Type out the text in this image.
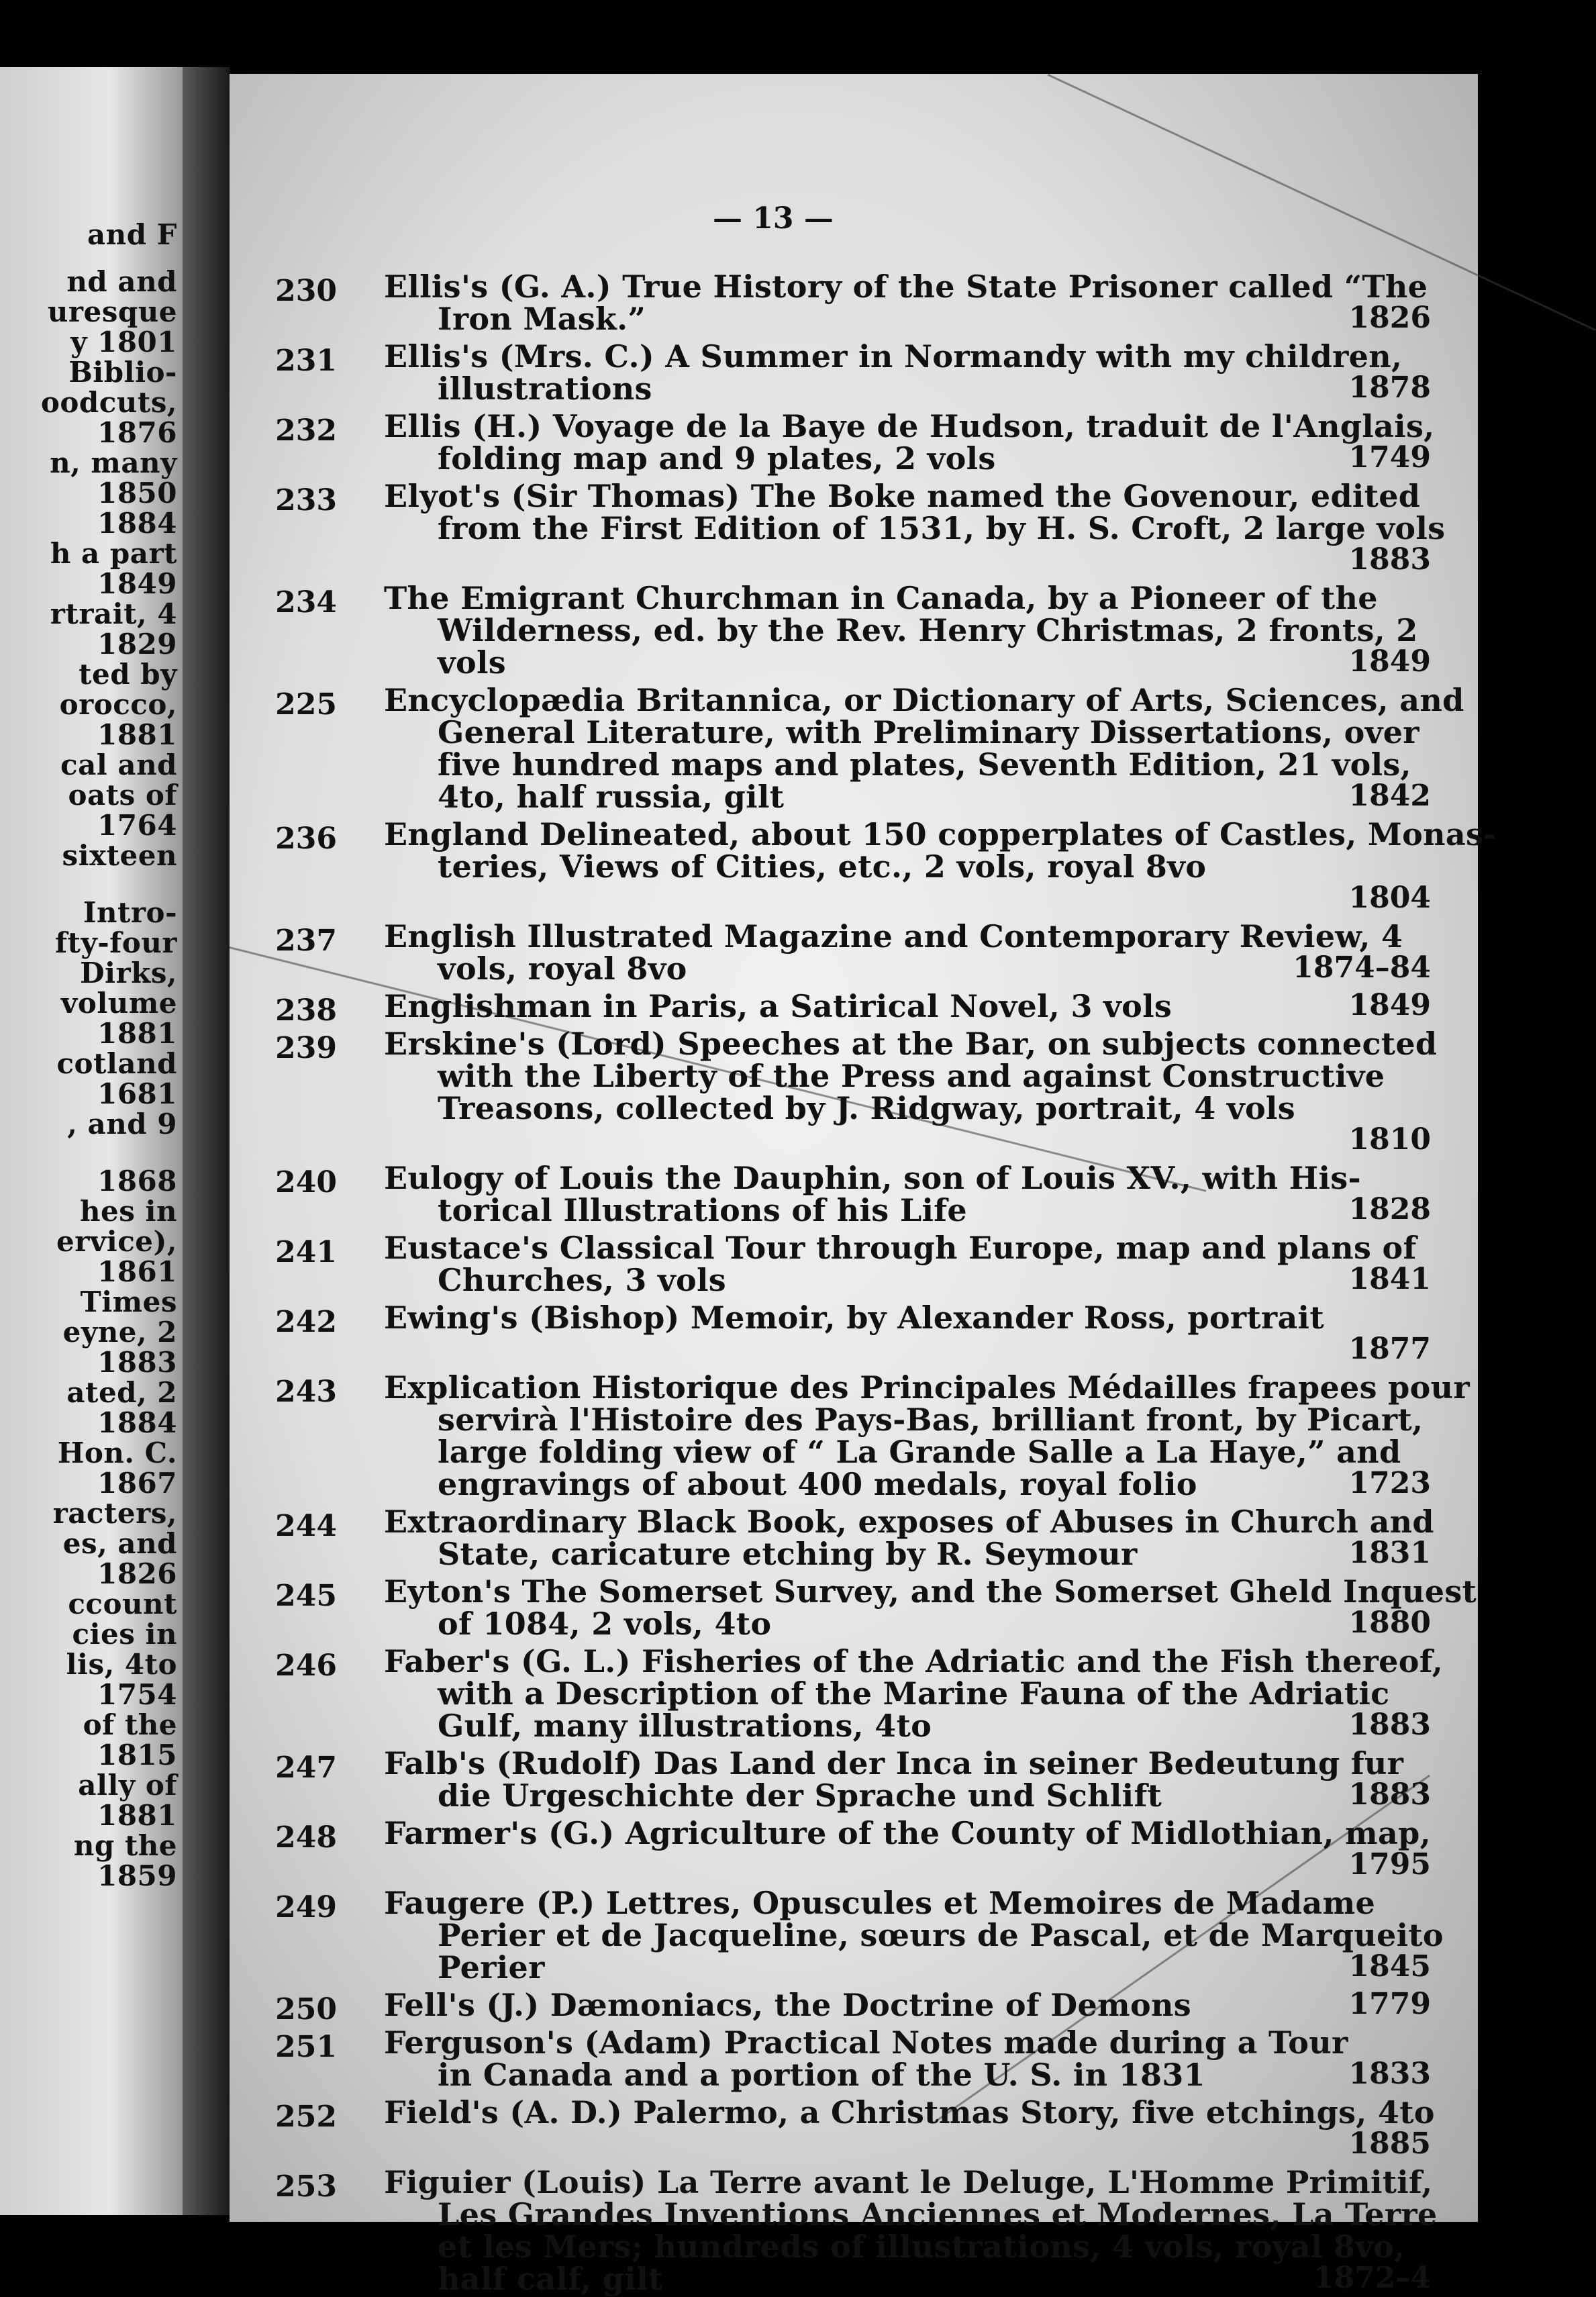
and F
nd and
uresque
y 1801
Biblio-
oodcuts,
1876
n, many
1850
1884
h a part
1849
rtrait, 4
1829
ted by
orocco,
1881
cal and
oats of
1764
sixteen
Intro-
fty-four
Dirks,
volume
1881
cotland
1681
, and 9
1868
hes in
ervice),
1861
Times
eyne, 2
1883
ated, 2
1884
Hon. C.
1867
racters,
es, and
1826
ccount
cies in
lis, 4to
1754
of the
1815
ally of
1881
ng the
1859
— 13 —
230 Ellis's (G. A.) True History of the State Prisoner called “The
Iron Mask.”	1826
231 Ellis's (Mrs. C.) A Summer in Normandy with my children,
illustrations	1878
232 Ellis (H.) Voyage de la Baye de Hudson, traduit de l'Anglais,
folding map and 9 plates, 2 vols	1749
233 Elyot's (Sir Thomas) The Boke named the Govenour, edited
from the First Edition of 1531, by H. S. Croft, 2 large vols
1883
234 The Emigrant Churchman in Canada, by a Pioneer of the
Wilderness, ed. by the Rev. Henry Christmas, 2 fronts, 2
vols	1849
225 Encyclopædia Britannica, or Dictionary of Arts, Sciences, and
General Literature, with Preliminary Dissertations, over
five hundred maps and plates, Seventh Edition, 21 vols,
4to, half russia, gilt	1842
236 England Delineated, about 150 copperplates of Castles, Monas-
teries, Views of Cities, etc., 2 vols, royal 8vo
1804
237 English Illustrated Magazine and Contemporary Review, 4
vols, royal 8vo	1874–84
238 Englishman in Paris, a Satirical Novel, 3 vols	1849
239 Erskine's (Lord) Speeches at the Bar, on subjects connected
with the Liberty of the Press and against Constructive
Treasons, collected by J. Ridgway, portrait, 4 vols
1810
240 Eulogy of Louis the Dauphin, son of Louis XV., with His-
torical Illustrations of his Life	1828
241 Eustace's Classical Tour through Europe, map and plans of
Churches, 3 vols	1841
242 Ewing's (Bishop) Memoir, by Alexander Ross, portrait
1877
243 Explication Historique des Principales Médailles frapees pour
servirà l'Histoire des Pays-Bas, brilliant front, by Picart,
large folding view of “ La Grande Salle a La Haye,” and
engravings of about 400 medals, royal folio	1723
244 Extraordinary Black Book, exposes of Abuses in Church and
State, caricature etching by R. Seymour	1831
245 Eyton's The Somerset Survey, and the Somerset Gheld Inquest
of 1084, 2 vols, 4to	1880
246 Faber's (G. L.) Fisheries of the Adriatic and the Fish thereof,
with a Description of the Marine Fauna of the Adriatic
Gulf, many illustrations, 4to	1883
247 Falb's (Rudolf) Das Land der Inca in seiner Bedeutung fur
die Urgeschichte der Sprache und Schlift	1883
248 Farmer's (G.) Agriculture of the County of Midlothian, map,
1795
249 Faugere (P.) Lettres, Opuscules et Memoires de Madame
Perier et de Jacqueline, sœurs de Pascal, et de Marqueito
Perier	1845
250 Fell's (J.) Dæmoniacs, the Doctrine of Demons	1779
251 Ferguson's (Adam) Practical Notes made during a Tour
in Canada and a portion of the U. S. in 1831	1833
252 Field's (A. D.) Palermo, a Christmas Story, five etchings, 4to
1885
253 Figuier (Louis) La Terre avant le Deluge, L'Homme Primitif,
Les Grandes Inventions Anciennes et Modernes, La Terre
et les Mers; hundreds of illustrations, 4 vols, royal 8vo,
half calf, gilt	1872–4
